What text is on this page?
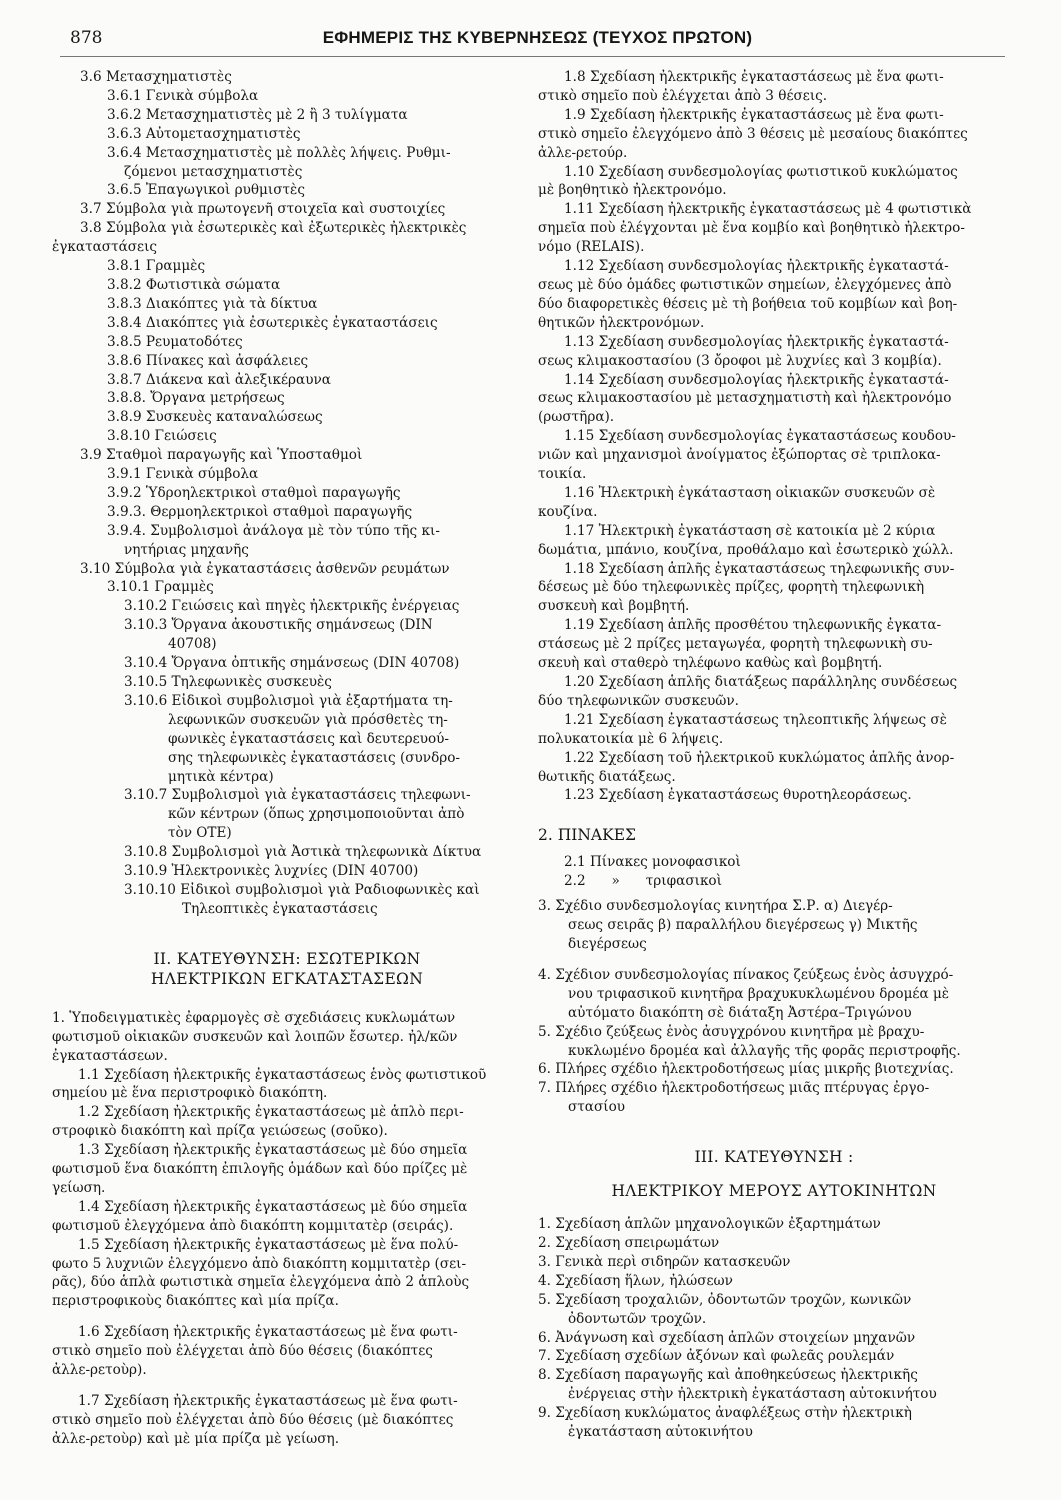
878	ΕΦΗΜΕΡΙΣ ΤΗΣ ΚΥΒΕΡΝΗΣΕΩΣ (ΤΕΥΧΟΣ ΠΡΩΤΟΝ)
3.6 Μετασχηματιστὲς
3.6.1 Γενικὰ σύμβολα
3.6.2 Μετασχηματιστὲς μὲ 2 ἢ 3 τυλίγματα
3.6.3 Αὐτομετασχηματιστὲς
3.6.4 Μετασχηματιστὲς μὲ πολλὲς λήψεις. Ρυθμι-
ζόμενοι μετασχηματιστὲς
3.6.5 Ἐπαγωγικοὶ ρυθμιστὲς
3.7 Σύμβολα γιὰ πρωτογενῆ στοιχεῖα καὶ συστοιχίες
3.8 Σύμβολα γιὰ ἐσωτερικὲς καὶ ἐξωτερικὲς ἠλεκτρικὲς
ἐγκαταστάσεις
3.8.1 Γραμμὲς
3.8.2 Φωτιστικὰ σώματα
3.8.3 Διακόπτες γιὰ τὰ δίκτυα
3.8.4 Διακόπτες γιὰ ἐσωτερικὲς ἐγκαταστάσεις
3.8.5 Ρευματοδότες
3.8.6 Πίνακες καὶ ἀσφάλειες
3.8.7 Διάκενα καὶ ἀλεξικέραυνα
3.8.8. Ὄργανα μετρήσεως
3.8.9 Συσκευὲς καταναλώσεως
3.8.10 Γειώσεις
3.9 Σταθμοὶ παραγωγῆς καὶ Ὑποσταθμοὶ
3.9.1 Γενικὰ σύμβολα
3.9.2 Ὑδροηλεκτρικοὶ σταθμοὶ παραγωγῆς
3.9.3. Θερμοηλεκτρικοὶ σταθμοὶ παραγωγῆς
3.9.4. Συμβολισμοὶ ἀνάλογα μὲ τὸν τύπο τῆς κι-
νητήριας μηχανῆς
3.10 Σύμβολα γιὰ ἐγκαταστάσεις ἀσθενῶν ρευμάτων
3.10.1 Γραμμὲς
3.10.2 Γειώσεις καὶ πηγὲς ἠλεκτρικῆς ἐνέργειας
3.10.3 Ὄργανα ἀκουστικῆς σημάνσεως (DIN
40708)
3.10.4 Ὄργανα ὀπτικῆς σημάνσεως (DIN 40708)
3.10.5 Τηλεφωνικὲς συσκευὲς
3.10.6 Εἰδικοὶ συμβολισμοὶ γιὰ ἐξαρτήματα τη-
λεφωνικῶν συσκευῶν γιὰ πρόσθετὲς τη-
φωνικὲς ἐγκαταστάσεις καὶ δευτερευού-
σης τηλεφωνικὲς ἐγκαταστάσεις (συνδρο-
μητικὰ κέντρα)
3.10.7 Συμβολισμοὶ γιὰ ἐγκαταστάσεις τηλεφωνι-
κῶν κέντρων (ὅπως χρησιμοποιοῦνται ἀπὸ
τὸν ΟΤΕ)
3.10.8 Συμβολισμοὶ γιὰ Ἀστικὰ τηλεφωνικὰ Δίκτυα
3.10.9 Ἠλεκτρονικὲς λυχνίες (DIN 40700)
3.10.10 Εἰδικοὶ συμβολισμοὶ γιὰ Ραδιοφωνικὲς καὶ
Τηλεοπτικὲς ἐγκαταστάσεις
ΙΙ. ΚΑΤΕΥΘΥΝΣΗ: ΕΣΩΤΕΡΙΚΩΝ
ΗΛΕΚΤΡΙΚΩΝ ΕΓΚΑΤΑΣΤΑΣΕΩΝ
1. Ὑποδειγματικὲς ἐφαρμογὲς σὲ σχεδιάσεις κυκλωμάτων
φωτισμοῦ οἰκιακῶν συσκευῶν καὶ λοιπῶν ἔσωτερ. ἠλ/κῶν
ἐγκαταστάσεων.
1.1 Σχεδίαση ἠλεκτρικῆς ἐγκαταστάσεως ἑνὸς φωτιστικοῦ
σημείου μὲ ἕνα περιστροφικὸ διακόπτη.
1.2 Σχεδίαση ἠλεκτρικῆς ἐγκαταστάσεως μὲ ἁπλὸ περι-
στροφικὸ διακόπτη καὶ πρίζα γειώσεως (σοῦκο).
1.3 Σχεδίαση ἠλεκτρικῆς ἐγκαταστάσεως μὲ δύο σημεῖα
φωτισμοῦ ἕνα διακόπτη ἐπιλογῆς ὁμάδων καὶ δύο πρίζες μὲ
γείωση.
1.4 Σχεδίαση ἠλεκτρικῆς ἐγκαταστάσεως μὲ δύο σημεῖα
φωτισμοῦ ἐλεγχόμενα ἀπὸ διακόπτη κομμιτατὲρ (σειράς).
1.5 Σχεδίαση ἠλεκτρικῆς ἐγκαταστάσεως μὲ ἕνα πολύ-
φωτο 5 λυχνιῶν ἐλεγχόμενο ἀπὸ διακόπτη κομμιτατὲρ (σει-
ρᾶς), δύο ἁπλὰ φωτιστικὰ σημεῖα ἐλεγχόμενα ἀπὸ 2 ἁπλοὺς
περιστροφικοὺς διακόπτες καὶ μία πρίζα.
1.6 Σχεδίαση ἠλεκτρικῆς ἐγκαταστάσεως μὲ ἕνα φωτι-
στικὸ σημεῖο ποὺ ἐλέγχεται ἀπὸ δύο θέσεις (διακόπτες
ἀλλε-ρετοὺρ).
1.7 Σχεδίαση ἠλεκτρικῆς ἐγκαταστάσεως μὲ ἕνα φωτι-
στικὸ σημεῖο ποὺ ἐλέγχεται ἀπὸ δύο θέσεις (μὲ διακόπτες
ἀλλε-ρετοὺρ) καὶ μὲ μία πρίζα μὲ γείωση.
1.8 Σχεδίαση ἠλεκτρικῆς ἐγκαταστάσεως μὲ ἕνα φωτι-
στικὸ σημεῖο ποὺ ἐλέγχεται ἀπὸ 3 θέσεις.
1.9 Σχεδίαση ἠλεκτρικῆς ἐγκαταστάσεως μὲ ἕνα φωτι-
στικὸ σημεῖο ἐλεγχόμενο ἀπὸ 3 θέσεις μὲ μεσαίους διακόπτες
ἀλλε-ρετούρ.
1.10 Σχεδίαση συνδεσμολογίας φωτιστικοῦ κυκλώματος
μὲ βοηθητικὸ ἠλεκτρονόμο.
1.11 Σχεδίαση ἠλεκτρικῆς ἐγκαταστάσεως μὲ 4 φωτιστικὰ
σημεῖα ποὺ ἐλέγχονται μὲ ἕνα κομβίο καὶ βοηθητικὸ ἠλεκτρο-
νόμο (RELAIS).
1.12 Σχεδίαση συνδεσμολογίας ἠλεκτρικῆς ἐγκαταστά-
σεως μὲ δύο ὁμάδες φωτιστικῶν σημείων, ἐλεγχόμενες ἀπὸ
δύο διαφορετικὲς θέσεις μὲ τὴ βοήθεια τοῦ κομβίων καὶ βοη-
θητικῶν ἠλεκτρονόμων.
1.13 Σχεδίαση συνδεσμολογίας ἠλεκτρικῆς ἐγκαταστά-
σεως κλιμακοστασίου (3 ὄροφοι μὲ λυχνίες καὶ 3 κομβία).
1.14 Σχεδίαση συνδεσμολογίας ἠλεκτρικῆς ἐγκαταστά-
σεως κλιμακοστασίου μὲ μετασχηματιστὴ καὶ ἠλεκτρονόμο
(ρωστῆρα).
1.15 Σχεδίαση συνδεσμολογίας ἐγκαταστάσεως κουδου-
νιῶν καὶ μηχανισμοὶ ἀνοίγματος ἐξώπορτας σὲ τριπλοκα-
τοικία.
1.16 Ἠλεκτρικὴ ἐγκάτασταση οἰκιακῶν συσκευῶν σὲ
κουζίνα.
1.17 Ἠλεκτρικὴ ἐγκατάσταση σὲ κατοικία μὲ 2 κύρια
δωμάτια, μπάνιο, κουζίνα, προθάλαμο καὶ ἐσωτερικὸ χώλλ.
1.18 Σχεδίαση ἁπλῆς ἐγκαταστάσεως τηλεφωνικῆς συν-
δέσεως μὲ δύο τηλεφωνικὲς πρίζες, φορητὴ τηλεφωνικὴ
συσκευὴ καὶ βομβητή.
1.19 Σχεδίαση ἁπλῆς προσθέτου τηλεφωνικῆς ἐγκατα-
στάσεως μὲ 2 πρίζες μεταγωγέα, φορητὴ τηλεφωνικὴ συ-
σκευὴ καὶ σταθερὸ τηλέφωνο καθὼς καὶ βομβητή.
1.20 Σχεδίαση ἁπλῆς διατάξεως παράλληλης συνδέσεως
δύο τηλεφωνικῶν συσκευῶν.
1.21 Σχεδίαση ἐγκαταστάσεως τηλεοπτικῆς λήψεως σὲ
πολυκατοικία μὲ 6 λήψεις.
1.22 Σχεδίαση τοῦ ἠλεκτρικοῦ κυκλώματος ἁπλῆς ἀνορ-
θωτικῆς διατάξεως.
1.23 Σχεδίαση ἐγκαταστάσεως θυροτηλεοράσεως.
2. ΠΙΝΑΚΕΣ
2.1 Πίνακες μονοφασικοὶ
2.2      »      τριφασικοὶ
3. Σχέδιο συνδεσμολογίας κινητήρα Σ.Ρ. α) Διεγέρ-
σεως σειρᾶς β) παραλλήλου διεγέρσεως γ) Μικτῆς
διεγέρσεως
4. Σχέδιον συνδεσμολογίας πίνακος ζεύξεως ἑνὸς ἀσυγχρό-
νου τριφασικοῦ κινητῆρα βραχυκυκλωμένου δρομέα μὲ
αὐτόματο διακόπτη σὲ διάταξη Ἀστέρα–Τριγώνου
5. Σχέδιο ζεύξεως ἑνὸς ἀσυγχρόνου κινητῆρα μὲ βραχυ-
κυκλωμένο δρομέα καὶ ἀλλαγῆς τῆς φορᾶς περιστροφῆς.
6. Πλήρες σχέδιο ἠλεκτροδοτήσεως μίας μικρῆς βιοτεχνίας.
7. Πλήρες σχέδιο ἠλεκτροδοτήσεως μιᾶς πτέρυγας ἐργο-
στασίου
ΙΙΙ. ΚΑΤΕΥΘΥΝΣΗ :
ΗΛΕΚΤΡΙΚΟΥ ΜΕΡΟΥΣ ΑΥΤΟΚΙΝΗΤΩΝ
1. Σχεδίαση ἁπλῶν μηχανολογικῶν ἐξαρτημάτων
2. Σχεδίαση σπειρωμάτων
3. Γενικὰ περὶ σιδηρῶν κατασκευῶν
4. Σχεδίαση ἥλων, ἠλώσεων
5. Σχεδίαση τροχαλιῶν, ὀδοντωτῶν τροχῶν, κωνικῶν
ὀδοντωτῶν τροχῶν.
6. Ἀνάγνωση καὶ σχεδίαση ἁπλῶν στοιχείων μηχανῶν
7. Σχεδίαση σχεδίων ἀξόνων καὶ φωλεᾶς ρουλεμάν
8. Σχεδίαση παραγωγῆς καὶ ἀποθηκεύσεως ἠλεκτρικῆς
ἐνέργειας στὴν ἠλεκτρικὴ ἐγκατάσταση αὐτοκινήτου
9. Σχεδίαση κυκλώματος ἀναφλέξεως στὴν ἠλεκτρικὴ
ἐγκατάσταση αὐτοκινήτου
